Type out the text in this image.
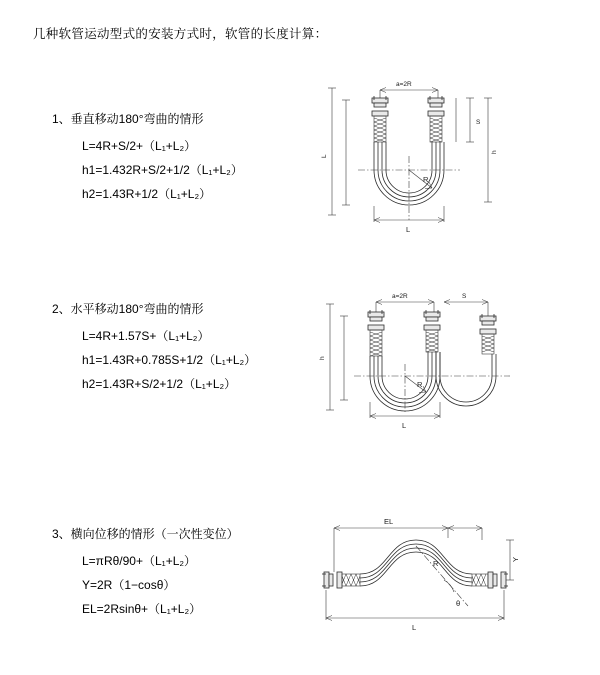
几种软管运动型式的安装方式时，软管的长度计算：
1、垂直移动180°弯曲的情形
L=4R+S/2+（L₁+L₂）
h1=1.432R+S/2+1/2（L₁+L₂）
h2=1.43R+1/2（L₁+L₂）
L
a=2R
S
R
L
h
2、水平移动180°弯曲的情形
L=4R+1.57S+（L₁+L₂）
h1=1.43R+0.785S+1/2（L₁+L₂）
h2=1.43R+S/2+1/2（L₁+L₂）
h
a=2R	S
R
L
3、横向位移的情形（一次性变位）
L=πRθ/90+（L₁+L₂）
Y=2R（1−cosθ）
EL=2Rsinθ+（L₁+L₂）
EL
Y
θ
R
L
